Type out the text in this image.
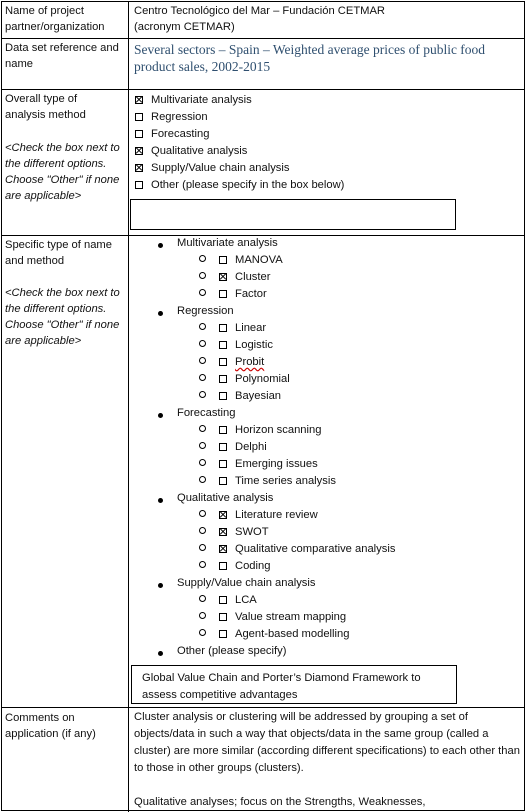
Name of project partner/organization
Centro Tecnológico del Mar – Fundación CETMAR
(acronym CETMAR)
Data set reference and name
Several sectors – Spain – Weighted average prices of public food product sales, 2002-2015
Overall type of analysis method
<Check the box next to the different options. Choose "Other" if none are applicable>
Multivariate analysis
Regression
Forecasting
Qualitative analysis
Supply/Value chain analysis
Other (please specify in the box below)
Specific type of name and method
<Check the box next to the different options. Choose "Other" if none are applicable>
Multivariate analysis
MANOVA
Cluster
Factor
Regression
Linear
Logistic
Probit
Polynomial
Bayesian
Forecasting
Horizon scanning
Delphi
Emerging issues
Time series analysis
Qualitative analysis
Literature review
SWOT
Qualitative comparative analysis
Coding
Supply/Value chain analysis
LCA
Value stream mapping
Agent-based modelling
Other (please specify)
Global Value Chain and Porter’s Diamond Framework to assess competitive advantages
Comments on application (if any)
Cluster analysis or clustering will be addressed by grouping a set of objects/data in such a way that objects/data in the same group (called a cluster) are more similar (according different specifications) to each other than to those in other groups (clusters).
Qualitative analyses; focus on the Strengths, Weaknesses,
